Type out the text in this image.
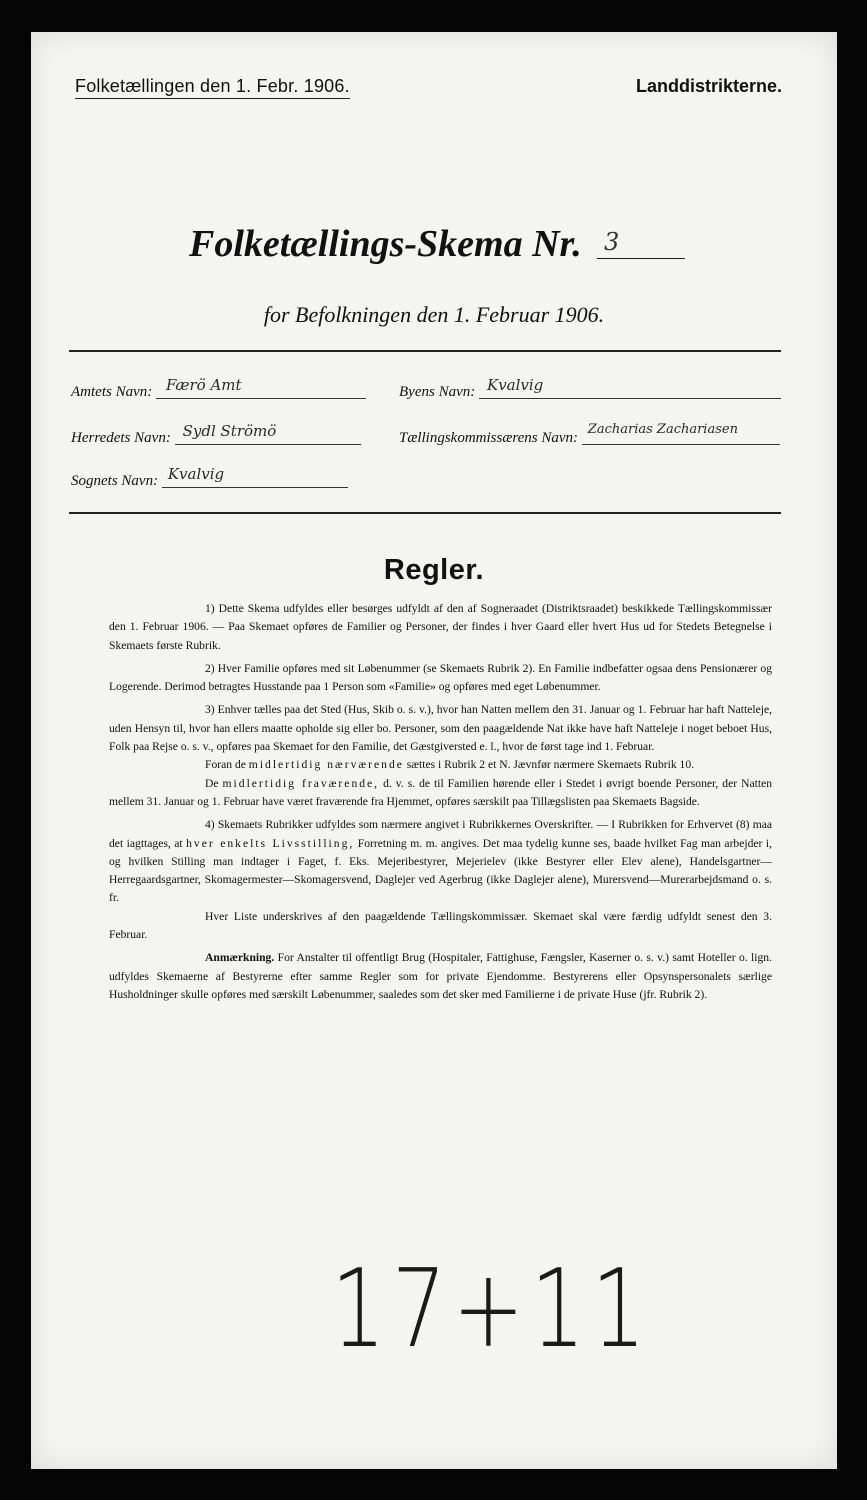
Folketællingen den 1. Febr. 1906.	Landdistrikterne.
Folketællings-Skema Nr. 3
for Befolkningen den 1. Februar 1906.
Amtets Navn: Færö Amt	Byens Navn: Kvalvig
Herredets Navn: Sydl Strömö	Tællingskommissærens Navn:
Zacharias Zachariasen
Sognets Navn: Kvalvig
Regler.

1) Dette Skema udfyldes eller besørges udfyldt af den af Sogneraadet (Distriktsraadet) beskikkede Tællingskommissær den 1. Februar 1906. — Paa Skemaet opføres de Familier og Personer, der findes i hver Gaard eller hvert Hus ud for Stedets Betegnelse i Skemaets første Rubrik.

2) Hver Familie opføres med sit Løbenummer (se Skemaets Rubrik 2). En Familie indbefatter ogsaa dens Pensionærer og Logerende. Derimod betragtes Husstande paa 1 Person som «Familie» og opføres med eget Løbenummer.

3) Enhver tælles paa det Sted (Hus, Skib o. s. v.), hvor han Natten mellem den 31. Januar og 1. Februar har haft Natteleje, uden Hensyn til, hvor han ellers maatte opholde sig eller bo. Personer, som den paagældende Nat ikke have haft Natteleje i noget beboet Hus, Folk paa Rejse o. s. v., opføres paa Skemaet for den Familie, det Gæstgiversted e. l., hvor de først tage ind 1. Februar.

Foran de midlertidig nærværende sættes i Rubrik 2 et N. Jævnfør nærmere Skemaets Rubrik 10.

De midlertidig fraværende, d. v. s. de til Familien hørende eller i Stedet i øvrigt boende Personer, der Natten mellem 31. Januar og 1. Februar have været fraværende fra Hjemmet, opføres særskilt paa Tillægslisten paa Skemaets Bagside.

4) Skemaets Rubrikker udfyldes som nærmere angivet i Rubrikkernes Overskrifter. — I Rubrikken for Erhvervet (8) maa det iagttages, at hver enkelts Livsstilling, Forretning m. m. angives. Det maa tydelig kunne ses, baade hvilket Fag man arbejder i, og hvilken Stilling man indtager i Faget, f. Eks. Mejeribestyrer, Mejerielev (ikke Bestyrer eller Elev alene), Handelsgartner—Herregaardsgartner, Skomagermester—Skomagersvend, Daglejer ved Agerbrug (ikke Daglejer alene), Murersvend—Murerarbejdsmand o. s. fr.

Hver Liste underskrives af den paagældende Tællingskommissær. Skemaet skal være færdig udfyldt senest den 3. Februar.

Anmærkning. For Anstalter til offentligt Brug (Hospitaler, Fattighuse, Fængsler, Kaserner o. s. v.) samt Hoteller o. lign. udfyldes Skemaerne af Bestyrerne efter samme Regler som for private Ejendomme. Bestyrerens eller Opsynspersonalets særlige Husholdninger skulle opføres med særskilt Løbenummer, saaledes som det sker med Familierne i de private Huse (jfr. Rubrik 2).

17+11
